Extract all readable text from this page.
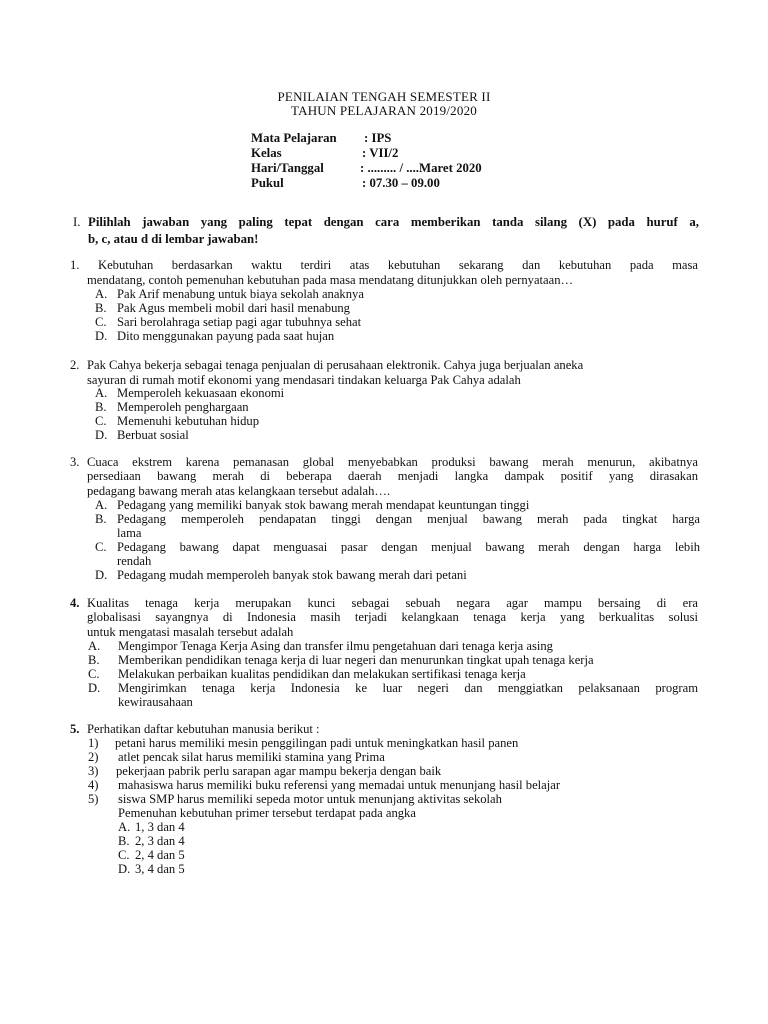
PENILAIAN TENGAH SEMESTER II
TAHUN PELAJARAN 2019/2020
Mata Pelajaran : IPS
Kelas	: VII/2
Hari/Tanggal	: ......... / ....Maret 2020
Pukul	: 07.30 – 09.00
I. Pilihlah jawaban yang paling tepat dengan cara memberikan tanda silang (X) pada huruf a,
b, c, atau d di lembar jawaban!
1. Kebutuhan berdasarkan waktu terdiri atas kebutuhan sekarang dan kebutuhan pada masa
mendatang, contoh pemenuhan kebutuhan pada masa mendatang ditunjukkan oleh pernyataan…
A. Pak Arif menabung untuk biaya sekolah anaknya
B. Pak Agus membeli mobil dari hasil menabung
C. Sari berolahraga setiap pagi agar tubuhnya sehat
D. Dito menggunakan payung pada saat hujan
2. Pak Cahya bekerja sebagai tenaga penjualan di perusahaan elektronik. Cahya juga berjualan aneka
sayuran di rumah motif ekonomi yang mendasari tindakan keluarga Pak Cahya adalah
A. Memperoleh kekuasaan ekonomi
B. Memperoleh penghargaan
C. Memenuhi kebutuhan hidup
D. Berbuat sosial
3. Cuaca ekstrem karena pemanasan global menyebabkan produksi bawang merah menurun, akibatnya
persediaan bawang merah di beberapa daerah menjadi langka dampak positif yang dirasakan
pedagang bawang merah atas kelangkaan tersebut adalah….
A. Pedagang yang memiliki banyak stok bawang merah mendapat keuntungan tinggi
B. Pedagang memperoleh pendapatan tinggi dengan menjual bawang merah pada tingkat harga
lama
C. Pedagang bawang dapat menguasai pasar dengan menjual bawang merah dengan harga lebih
rendah
D. Pedagang mudah memperoleh banyak stok bawang merah dari petani
4. Kualitas tenaga kerja merupakan kunci sebagai sebuah negara agar mampu bersaing di era
globalisasi sayangnya di Indonesia masih terjadi kelangkaan tenaga kerja yang berkualitas solusi
untuk mengatasi masalah tersebut adalah
A. Mengimpor Tenaga Kerja Asing dan transfer ilmu pengetahuan dari tenaga kerja asing
B. Memberikan pendidikan tenaga kerja di luar negeri dan menurunkan tingkat upah tenaga kerja
C. Melakukan perbaikan kualitas pendidikan dan melakukan sertifikasi tenaga kerja
D. Mengirimkan tenaga kerja Indonesia ke luar negeri dan menggiatkan pelaksanaan program
kewirausahaan
5. Perhatikan daftar kebutuhan manusia berikut :
1) petani harus memiliki mesin penggilingan padi untuk meningkatkan hasil panen
2) atlet pencak silat harus memiliki stamina yang Prima
3) pekerjaan pabrik perlu sarapan agar mampu bekerja dengan baik
4) mahasiswa harus memiliki buku referensi yang memadai untuk menunjang hasil belajar
5) siswa SMP harus memiliki sepeda motor untuk menunjang aktivitas sekolah
Pemenuhan kebutuhan primer tersebut terdapat pada angka
A. 1, 3 dan 4
B. 2, 3 dan 4
C. 2, 4 dan 5
D. 3, 4 dan 5
